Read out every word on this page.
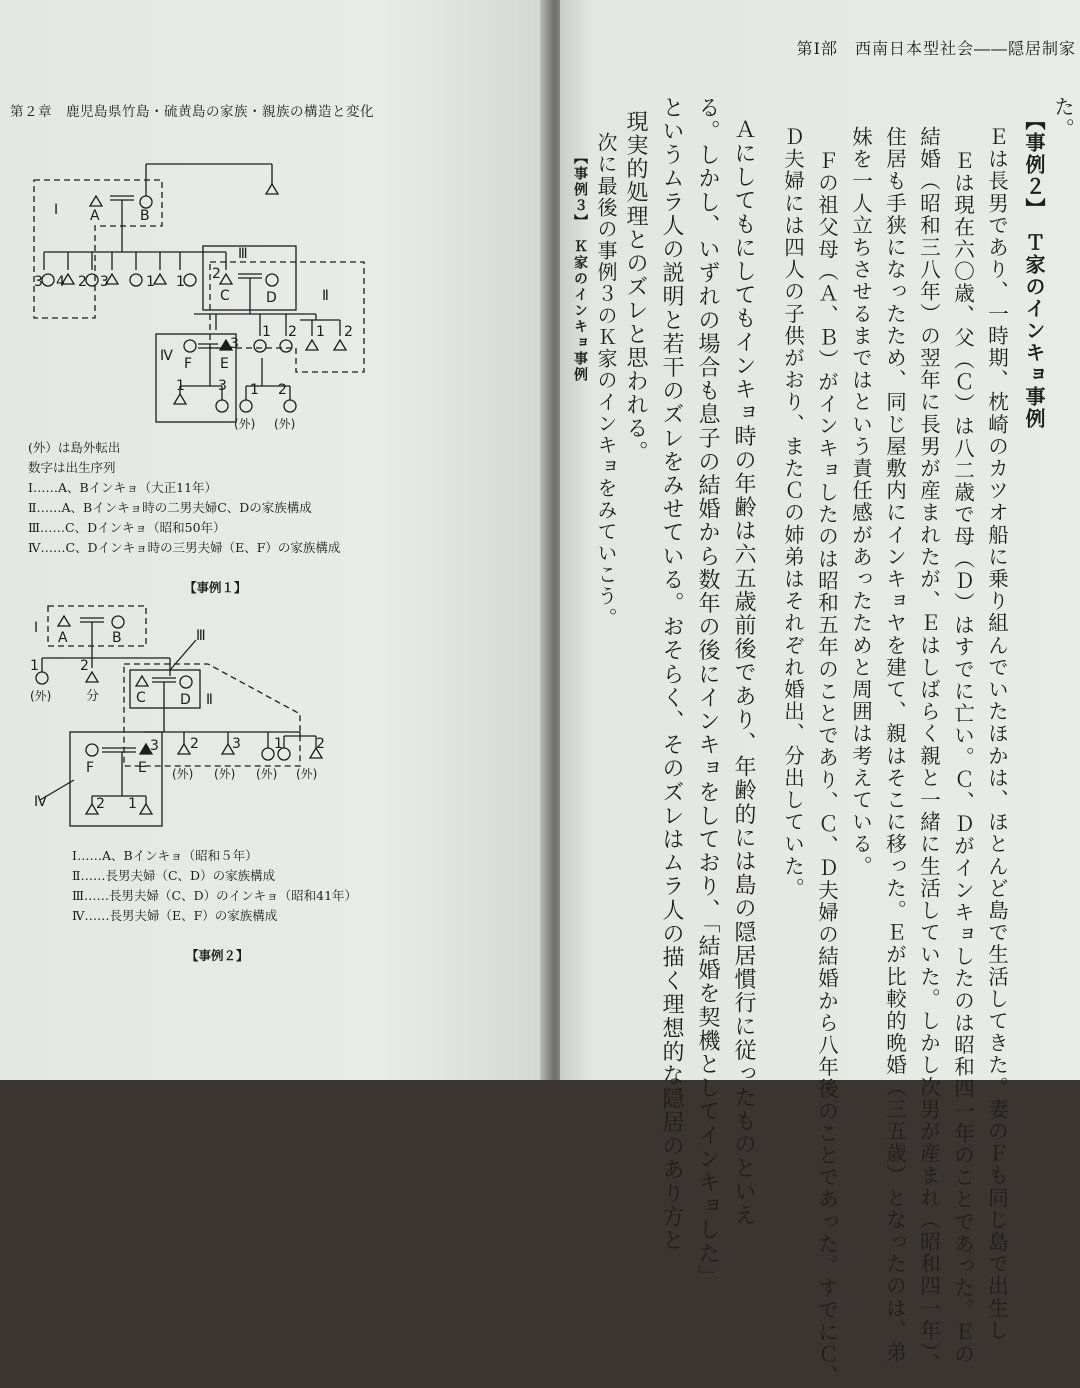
第２章　鹿児島県竹島・硫黄島の家族・親族の構造と変化
Ⅰ A	B
Ⅲ
Ⅱ
Ⅳ
C	D
F E
3 4 2 3	1 1 2
1 2 1 2
3
1 3 1 2
(外) (外)
(外）は島外転出
数字は出生序列
Ⅰ……A、Bインキョ（大正11年）
Ⅱ……A、Bインキョ時の二男夫婦C、Dの家族構成
Ⅲ……C、Dインキョ（昭和50年）
Ⅳ……C、Dインキョ時の三男夫婦（E、F）の家族構成
【事例１】
Ⅰ
A	B	Ⅲ
Ⅱ
C D
F	E
Ⅳ
1	2
3 2 3 1 2
2 1
(外)	分
(外) (外) (外) (外)
Ⅰ……A、Bインキョ（昭和５年）
Ⅱ……長男夫婦（C、D）の家族構成
Ⅲ……長男夫婦（C、D）のインキョ（昭和41年）
Ⅳ……長男夫婦（E、F）の家族構成
【事例２】
第Ⅰ部　西南日本型社会――隠居制家
た。
【事例２】　Ｔ家のインキョ事例
Ｅは長男であり、一時期、枕崎のカツオ船に乗り組んでいたほかは、ほとんど島で生活してきた。妻のＦも同じ島で出生し
Ｅは現在六〇歳、父（Ｃ）は八二歳で母（Ｄ）はすでに亡い。Ｃ、Ｄがインキョしたのは昭和四一年のことであった。Ｅの
結婚（昭和三八年）の翌年に長男が産まれたが、Ｅはしばらく親と一緒に生活していた。しかし次男が産まれ（昭和四一年）、
住居も手狭になったため、同じ屋敷内にインキョヤを建て、親はそこに移った。Ｅが比較的晩婚（三五歳）となったのは、弟
妹を一人立ちさせるまではという責任感があったためと周囲は考えている。
Ｆの祖父母（Ａ、Ｂ）がインキョしたのは昭和五年のことであり、Ｃ、Ｄ夫婦の結婚から八年後のことであった。すでにＣ、
Ｄ夫婦には四人の子供がおり、またＣの姉弟はそれぞれ婚出、分出していた。
Ａにしてもにしてもインキョ時の年齢は六五歳前後であり、年齢的には島の隠居慣行に従ったものといえ
る。しかし、いずれの場合も息子の結婚から数年の後にインキョをしており、「結婚を契機としてインキョした」
というムラ人の説明と若干のズレをみせている。おそらく、そのズレはムラ人の描く理想的な隠居のあり方と
現実的処理とのズレと思われる。
【事例３】　Ｋ家のインキョ事例 次に最後の事例３のＫ家のインキョをみていこう。
